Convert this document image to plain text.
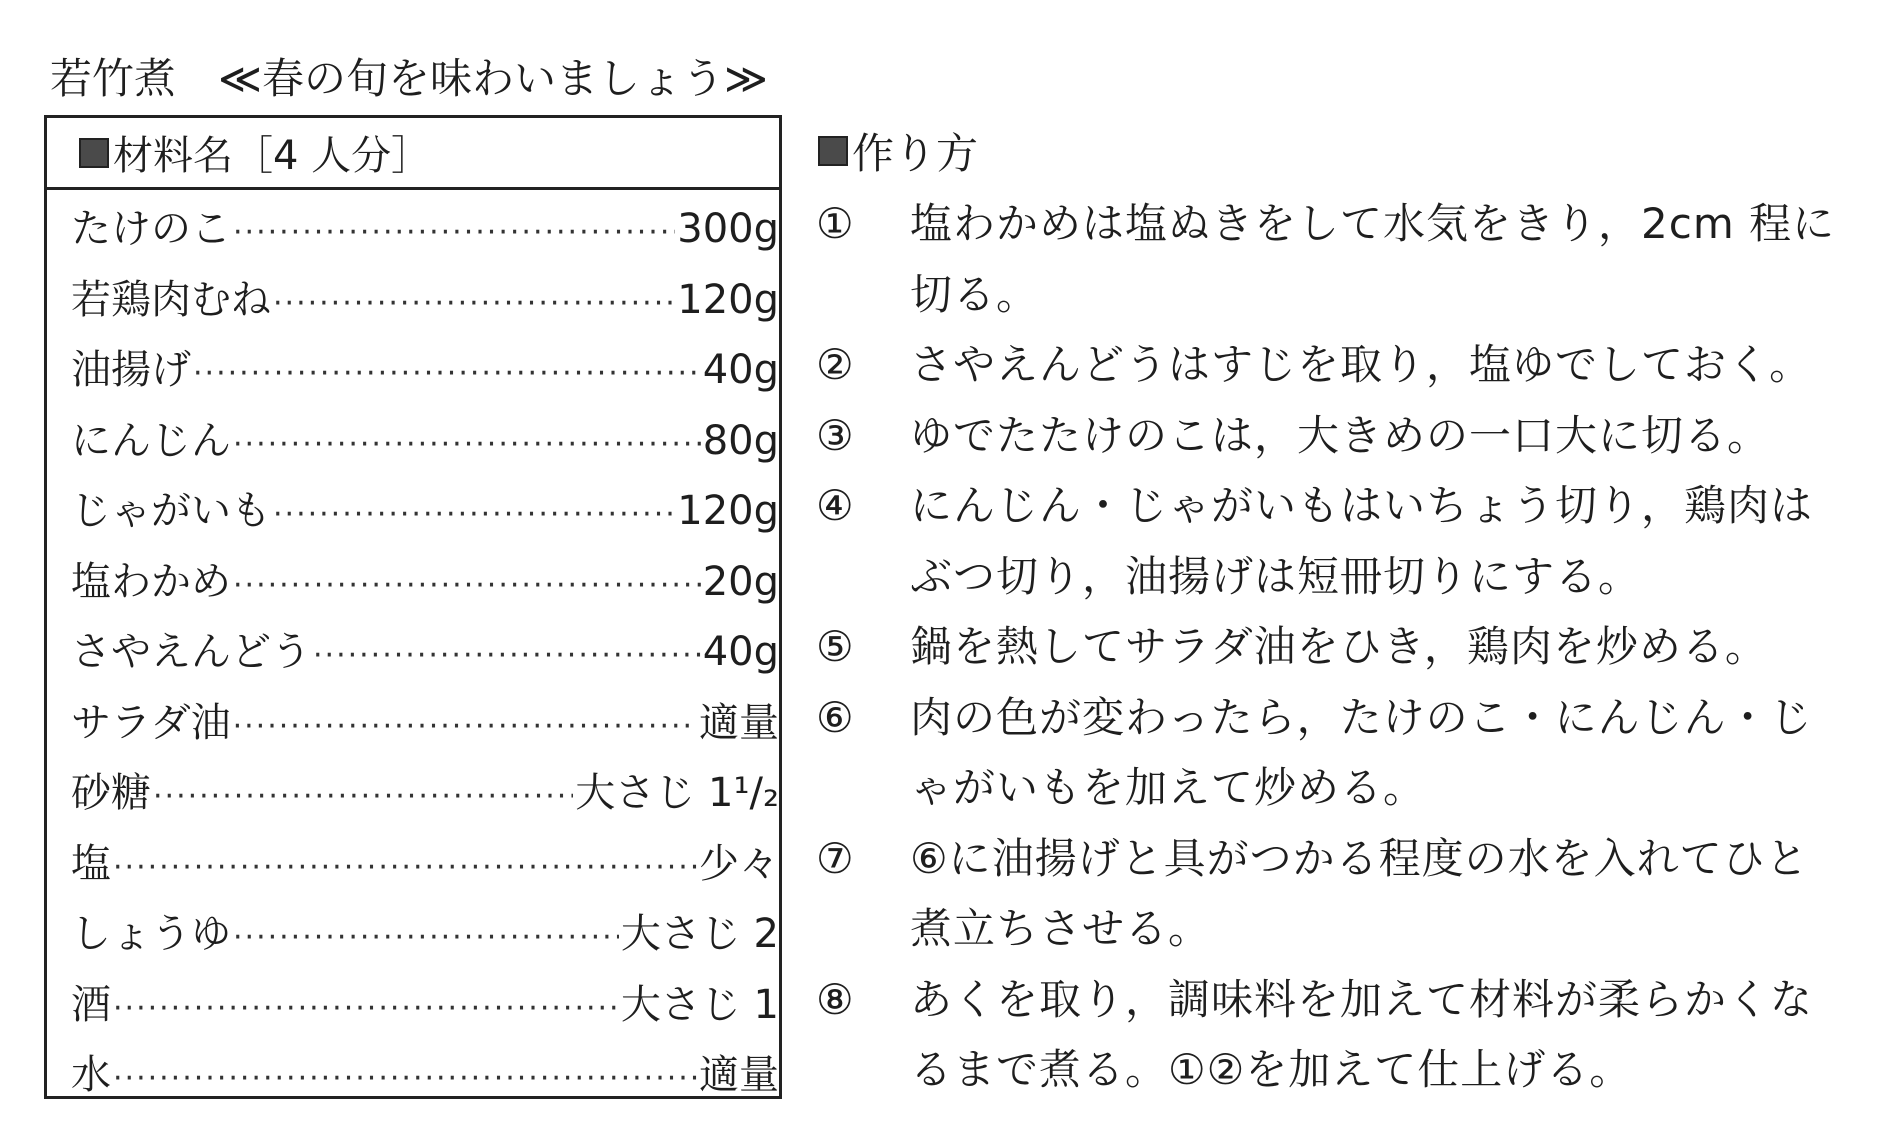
若竹煮 ≪春の旬を味わいましょう≫
材料名［4 人分］
たけのこ ·····	300g
若鶏肉むね ·····	120g
油揚げ ·····	40g
にんじん ·····	80g
じゃがいも ·····	120g
塩わかめ ·····	20g
さやえんどう ·····	40g
サラダ油 ·····	適量
砂糖 ·····	大さじ 1¹/₂
塩 ·····	少々
しょうゆ ·····	大さじ 2
酒 ·····	大さじ 1
水 ·····	適量
作り方
①	塩わかめは塩ぬきをして水気をきり，2cm 程に
切る。
②	さやえんどうはすじを取り，塩ゆでしておく。
③	ゆでたたけのこは，大きめの一口大に切る。
④	にんじん・じゃがいもはいちょう切り，鶏肉は
ぶつ切り，油揚げは短冊切りにする。
⑤	鍋を熱してサラダ油をひき，鶏肉を炒める。
⑥	肉の色が変わったら，たけのこ・にんじん・じ
ゃがいもを加えて炒める。
⑦	⑥に油揚げと具がつかる程度の水を入れてひと
煮立ちさせる。
⑧	あくを取り，調味料を加えて材料が柔らかくな
るまで煮る。①②を加えて仕上げる。
